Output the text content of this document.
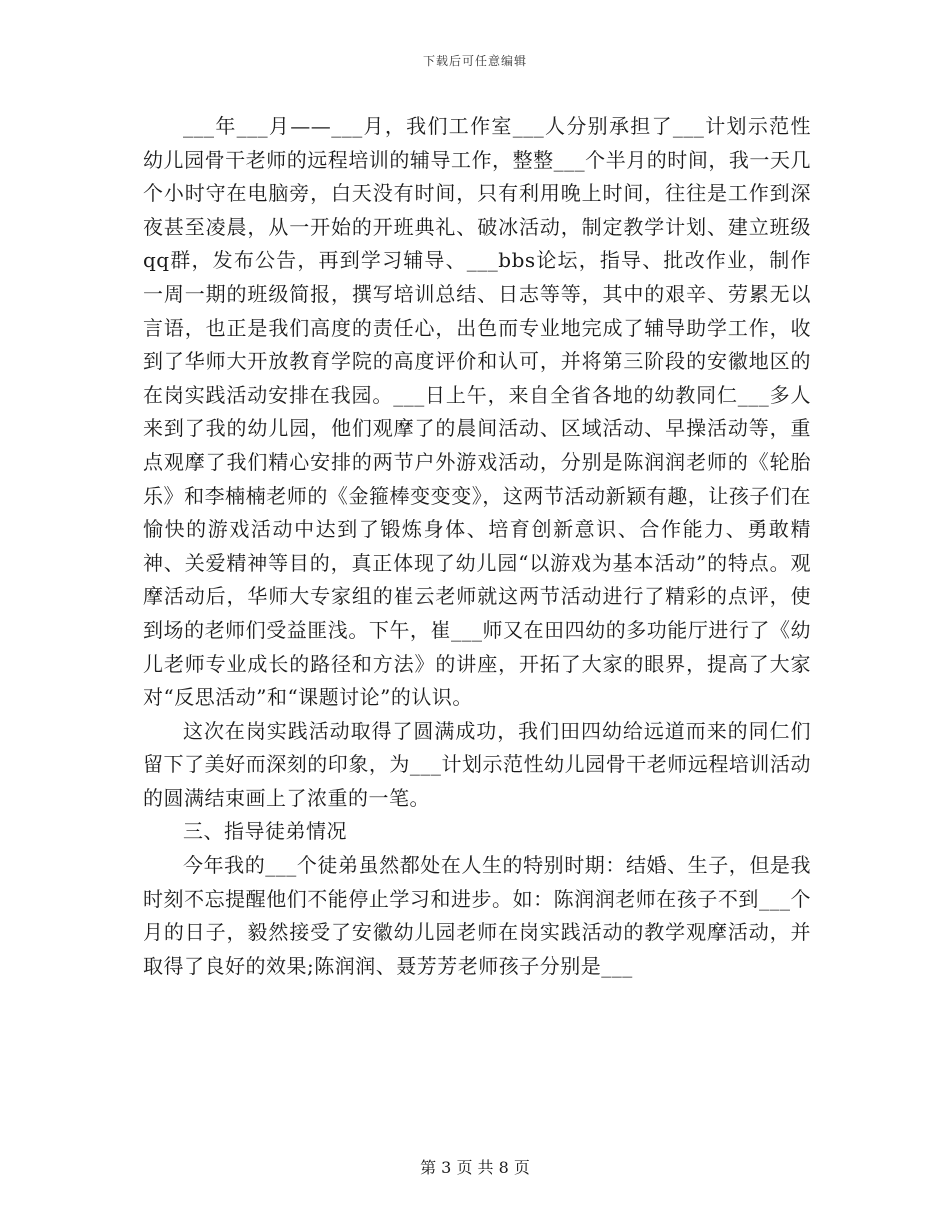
下载后可任意编辑

___年___月——___月，我们工作室___人分别承担了___计划示范性幼儿园骨干老师的远程培训的辅导工作，整整___个半月的时间，我一天几个小时守在电脑旁，白天没有时间，只有利用晚上时间，往往是工作到深夜甚至凌晨，从一开始的开班典礼、破冰活动，制定教学计划、建立班级qq群，发布公告，再到学习辅导、___bbs论坛，指导、批改作业，制作一周一期的班级简报，撰写培训总结、日志等等，其中的艰辛、劳累无以言语，也正是我们高度的责任心，出色而专业地完成了辅导助学工作，收到了华师大开放教育学院的高度评价和认可，并将第三阶段的安徽地区的在岗实践活动安排在我园。___日上午，来自全省各地的幼教同仁___多人来到了我的幼儿园，他们观摩了的晨间活动、区域活动、早操活动等，重点观摩了我们精心安排的两节户外游戏活动，分别是陈润润老师的《轮胎乐》和李楠楠老师的《金箍棒变变变》，这两节活动新颖有趣，让孩子们在愉快的游戏活动中达到了锻炼身体、培育创新意识、合作能力、勇敢精神、关爱精神等目的，真正体现了幼儿园“以游戏为基本活动”的特点。观摩活动后，华师大专家组的崔云老师就这两节活动进行了精彩的点评，使到场的老师们受益匪浅。下午，崔___师又在田四幼的多功能厅进行了《幼儿老师专业成长的路径和方法》的讲座，开拓了大家的眼界，提高了大家对“反思活动”和“课题讨论”的认识。

这次在岗实践活动取得了圆满成功，我们田四幼给远道而来的同仁们留下了美好而深刻的印象，为___计划示范性幼儿园骨干老师远程培训活动的圆满结束画上了浓重的一笔。

三、指导徒弟情况

今年我的___个徒弟虽然都处在人生的特别时期：结婚、生子，但是我时刻不忘提醒他们不能停止学习和进步。如：陈润润老师在孩子不到___个月的日子，毅然接受了安徽幼儿园老师在岗实践活动的教学观摩活动，并取得了良好的效果;陈润润、聂芳芳老师孩子分别是___

第 3 页 共 8 页
